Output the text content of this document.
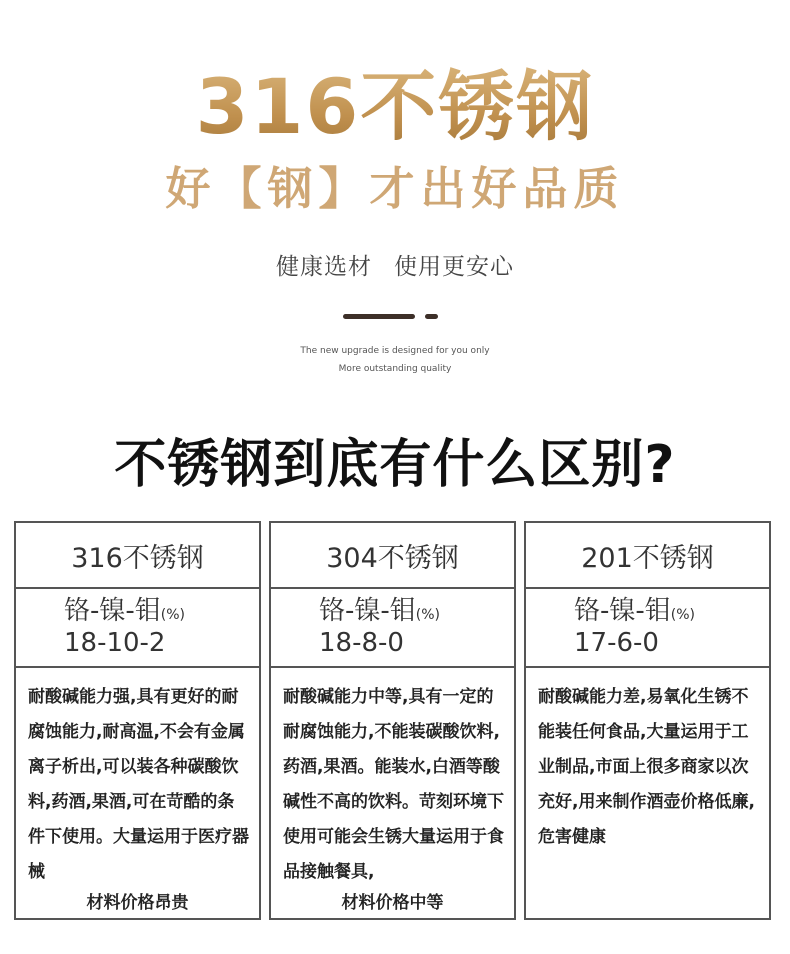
316不锈钢
好【钢】才出好品质
健康选材 使用更安心
The new upgrade is designed for you only
More outstanding quality
不锈钢到底有什么区别?
316不锈钢
铬-镍-钼(%)
18-10-2
耐酸碱能力强,具有更好的耐腐蚀能力,耐高温,不会有金属离子析出,可以装各种碳酸饮料,药酒,果酒,可在苛酷的条件下使用。大量运用于医疗器械
材料价格昂贵
304不锈钢
铬-镍-钼(%)
18-8-0
耐酸碱能力中等,具有一定的耐腐蚀能力,不能装碳酸饮料,药酒,果酒。能装水,白酒等酸碱性不高的饮料。苛刻环境下使用可能会生锈大量运用于食品接触餐具,
材料价格中等
201不锈钢
铬-镍-钼(%)
17-6-0
耐酸碱能力差,易氧化生锈不能装任何食品,大量运用于工业制品,市面上很多商家以次充好,用来制作酒壶价格低廉,危害健康
